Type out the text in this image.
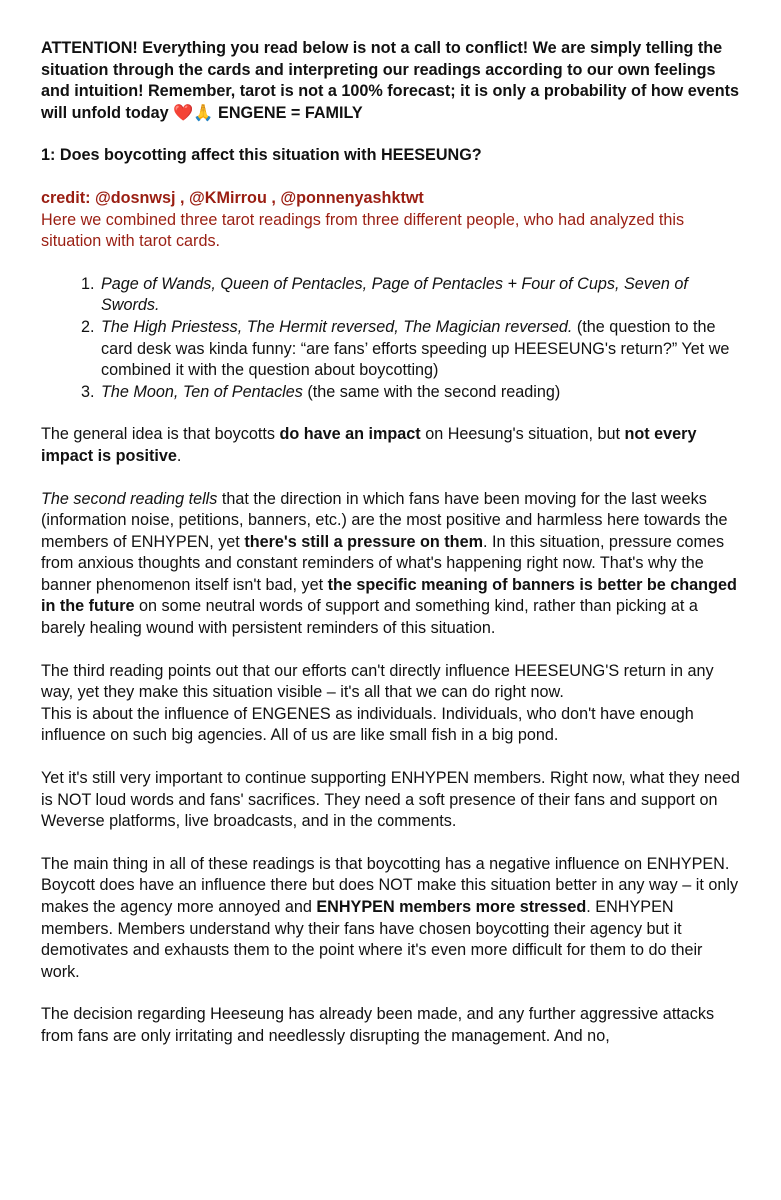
ATTENTION! Everything you read below is not a call to conflict! We are simply telling the situation through the cards and interpreting our readings according to our own feelings and intuition! Remember, tarot is not a 100% forecast; it is only a probability of how events will unfold today ❤️🙏 ENGENE = FAMILY

1: Does boycotting affect this situation with HEESEUNG?

credit: @dosnwsj , @KMirrou , @ponnenyashktwt

Here we combined three tarot readings from three different people, who had analyzed this situation with tarot cards.

1. Page of Wands, Queen of Pentacles, Page of Pentacles + Four of Cups, Seven of Swords.
2. The High Priestess, The Hermit reversed, The Magician reversed. (the question to the card desk was kinda funny: “are fans’ efforts speeding up HEESEUNG's return?” Yet we combined it with the question about boycotting)
3. The Moon, Ten of Pentacles (the same with the second reading)

The general idea is that boycotts do have an impact on Heesung's situation, but not every impact is positive.

The second reading tells that the direction in which fans have been moving for the last weeks (information noise, petitions, banners, etc.) are the most positive and harmless here towards the members of ENHYPEN, yet there's still a pressure on them. In this situation, pressure comes from anxious thoughts and constant reminders of what's happening right now. That's why the banner phenomenon itself isn't bad, yet the specific meaning of banners is better be changed in the future on some neutral words of support and something kind, rather than picking at a barely healing wound with persistent reminders of this situation.

The third reading points out that our efforts can't directly influence HEESEUNG'S return in any way, yet they make this situation visible – it's all that we can do right now.
This is about the influence of ENGENES as individuals. Individuals, who don't have enough influence on such big agencies. All of us are like small fish in a big pond.

Yet it's still very important to continue supporting ENHYPEN members. Right now, what they need is NOT loud words and fans' sacrifices. They need a soft presence of their fans and support on Weverse platforms, live broadcasts, and in the comments.

The main thing in all of these readings is that boycotting has a negative influence on ENHYPEN. Boycott does have an influence there but does NOT make this situation better in any way – it only makes the agency more annoyed and ENHYPEN members more stressed. ENHYPEN members. Members understand why their fans have chosen boycotting their agency but it demotivates and exhausts them to the point where it's even more difficult for them to do their work.

The decision regarding Heeseung has already been made, and any further aggressive attacks from fans are only irritating and needlessly disrupting the management. And no,
